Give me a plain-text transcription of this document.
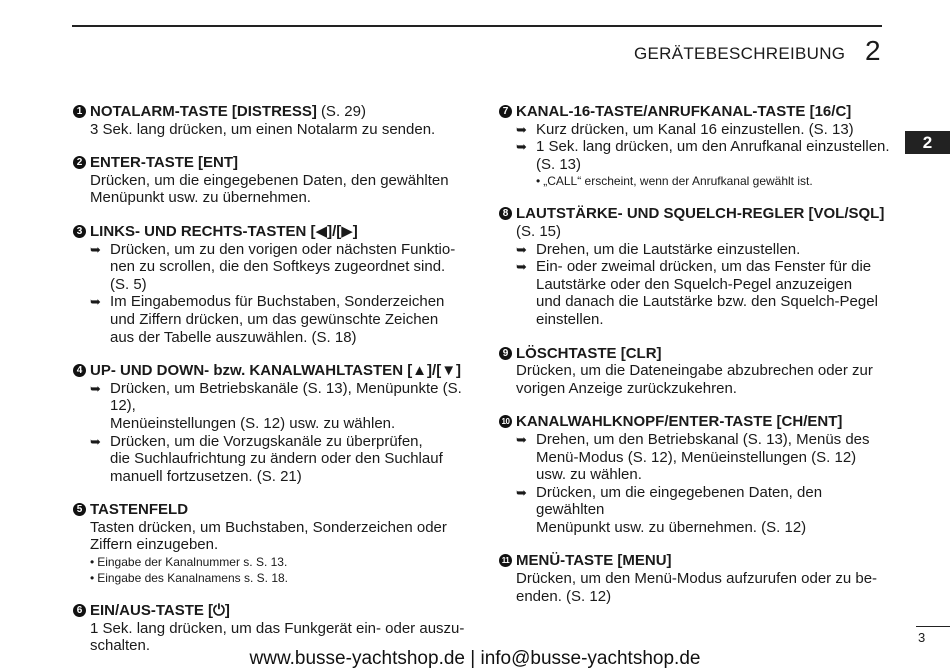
GERÄTEBESCHREIBUNG 2
2
1 NOTALARM-TASTE [DISTRESS] (S. 29)
3 Sek. lang drücken, um einen Notalarm zu senden.
2 ENTER-TASTE [ENT]
Drücken, um die eingegebenen Daten, den gewählten
Menüpunkt usw. zu übernehmen.
3 LINKS- UND RECHTS-TASTEN [◀]/[▶]
➥ Drücken, um zu den vorigen oder nächsten Funktio-
nen zu scrollen, die den Softkeys zugeordnet sind.
(S. 5)
➥ Im Eingabemodus für Buchstaben, Sonderzeichen
und Ziffern drücken, um das gewünschte Zeichen
aus der Tabelle auszuwählen. (S. 18)
4 UP- UND DOWN- bzw. KANALWAHLTASTEN [▲]/[▼]
➥ Drücken, um Betriebskanäle (S. 13), Menüpunkte (S. 12),
Menüeinstellungen (S. 12) usw. zu wählen.
➥ Drücken, um die Vorzugskanäle zu überprüfen,
die Suchlaufrichtung zu ändern oder den Suchlauf
manuell fortzusetzen. (S. 21)
5 TASTENFELD
Tasten drücken, um Buchstaben, Sonderzeichen oder
Ziffern einzugeben.
• Eingabe der Kanalnummer s. S. 13.
• Eingabe des Kanalnamens s. S. 18.
6 EIN/AUS-TASTE [⏻]
1 Sek. lang drücken, um das Funkgerät ein- oder auszu-
schalten.
7 KANAL-16-TASTE/ANRUFKANAL-TASTE [16/C]
➥ Kurz drücken, um Kanal 16 einzustellen. (S. 13)
➥ 1 Sek. lang drücken, um den Anrufkanal einzustellen.
(S. 13)
• „CALL“ erscheint, wenn der Anrufkanal gewählt ist.
8 LAUTSTÄRKE- UND SQUELCH-REGLER [VOL/SQL]
(S. 15)
➥ Drehen, um die Lautstärke einzustellen.
➥ Ein- oder zweimal drücken, um das Fenster für die
Lautstärke oder den Squelch-Pegel anzuzeigen
und danach die Lautstärke bzw. den Squelch-Pegel
einstellen.
9 LÖSCHTASTE [CLR]
Drücken, um die Dateneingabe abzubrechen oder zur
vorigen Anzeige zurückzukehren.
10 KANALWAHLKNOPF/ENTER-TASTE [CH/ENT]
➥ Drehen, um den Betriebskanal (S. 13), Menüs des
Menü-Modus (S. 12), Menüeinstellungen (S. 12)
usw. zu wählen.
➥ Drücken, um die eingegebenen Daten, den gewählten
Menüpunkt usw. zu übernehmen. (S. 12)
11 MENÜ-TASTE [MENU]
Drücken, um den Menü-Modus aufzurufen oder zu be-
enden. (S. 12)
3
www.busse-yachtshop.de | info@busse-yachtshop.de
